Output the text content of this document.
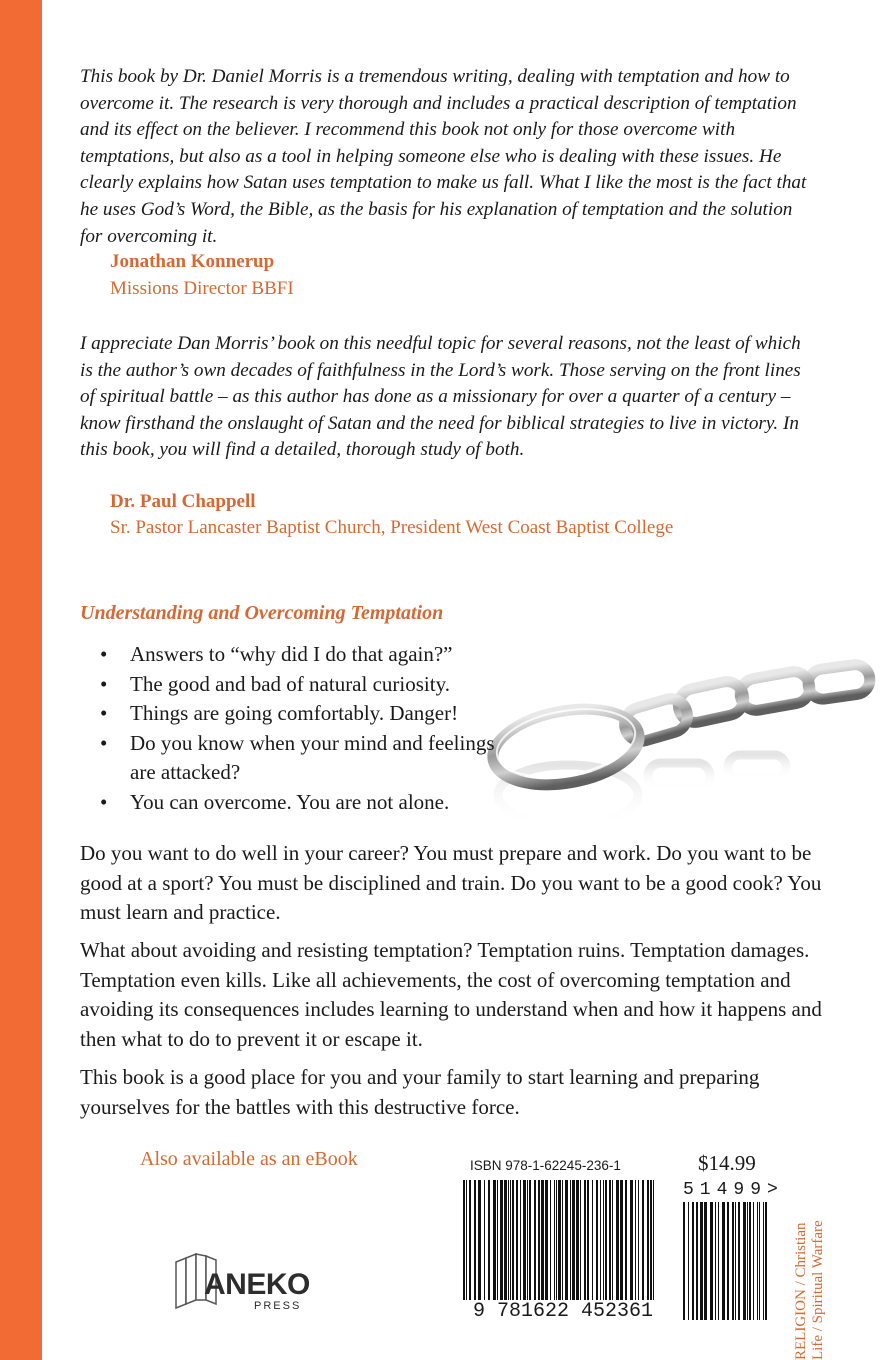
This book by Dr. Daniel Morris is a tremendous writing, dealing with temptation and how to overcome it. The research is very thorough and includes a practical description of temptation and its effect on the believer. I recommend this book not only for those overcome with temptations, but also as a tool in helping someone else who is dealing with these issues. He clearly explains how Satan uses temptation to make us fall. What I like the most is the fact that he uses God’s Word, the Bible, as the basis for his explanation of temptation and the solution for overcoming it.

Jonathan Konnerup
Missions Director BBFI

I appreciate Dan Morris’ book on this needful topic for several reasons, not the least of which is the author’s own decades of faithfulness in the Lord’s work. Those serving on the front lines of spiritual battle – as this author has done as a missionary for over a quarter of a century – know firsthand the onslaught of Satan and the need for biblical strategies to live in victory. In this book, you will find a detailed, thorough study of both.

Dr. Paul Chappell
Sr. Pastor Lancaster Baptist Church, President West Coast Baptist College
Understanding and Overcoming Temptation
• Answers to “why did I do that again?”
• The good and bad of natural curiosity.
• Things are going comfortably. Danger!
• Do you know when your mind and feelings are attacked?
• You can overcome. You are not alone.

Do you want to do well in your career? You must prepare and work. Do you want to be good at a sport? You must be disciplined and train. Do you want to be a good cook? You must learn and practice.

What about avoiding and resisting temptation? Temptation ruins. Temptation damages. Temptation even kills. Like all achievements, the cost of overcoming temptation and avoiding its consequences includes learning to understand when and how it happens and then what to do to prevent it or escape it.

This book is a good place for you and your family to start learning and preparing yourselves for the battles with this destructive force.

Also available as an eBook
ANEKO
PRESS
ISBN 978-1-62245-236-1
9 781622 452361
$14.99
51499>
RELIGION / Christian Life / Spiritual Warfare
